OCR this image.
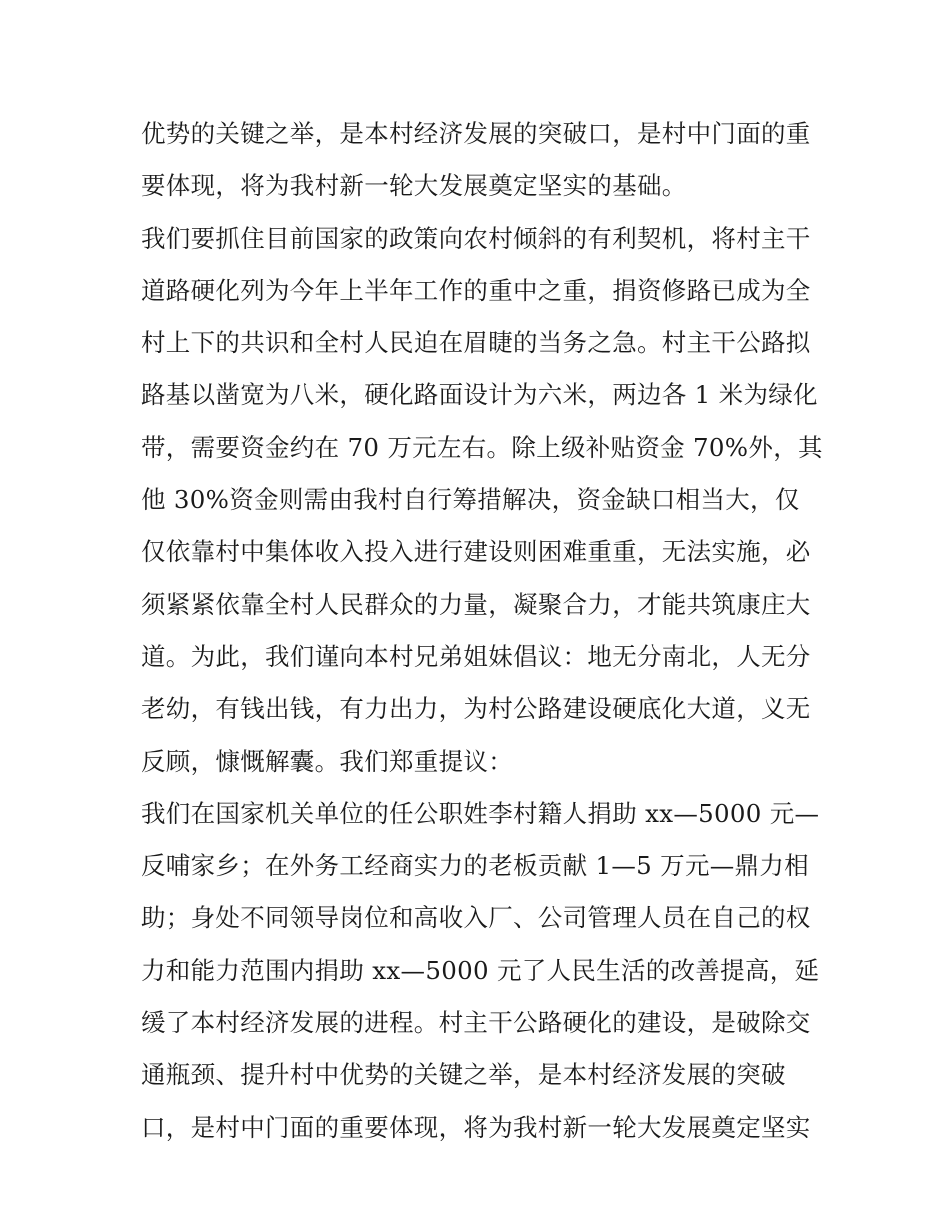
优势的关键之举，是本村经济发展的突破口，是村中门面的重
要体现，将为我村新一轮大发展奠定坚实的基础。
我们要抓住目前国家的政策向农村倾斜的有利契机，将村主干
道路硬化列为今年上半年工作的重中之重，捐资修路已成为全
村上下的共识和全村人民迫在眉睫的当务之急。村主干公路拟
路基以凿宽为八米，硬化路面设计为六米，两边各 1 米为绿化
带，需要资金约在 70 万元左右。除上级补贴资金 70%外，其
他 30%资金则需由我村自行筹措解决，资金缺口相当大，仅
仅依靠村中集体收入投入进行建设则困难重重，无法实施，必
须紧紧依靠全村人民群众的力量，凝聚合力，才能共筑康庄大
道。为此，我们谨向本村兄弟姐妹倡议：地无分南北，人无分
老幼，有钱出钱，有力出力，为村公路建设硬底化大道，义无
反顾，慷慨解囊。我们郑重提议：
我们在国家机关单位的任公职姓李村籍人捐助 xx—5000 元—
反哺家乡；在外务工经商实力的老板贡献 1—5 万元—鼎力相
助；身处不同领导岗位和高收入厂、公司管理人员在自己的权
力和能力范围内捐助 xx—5000 元了人民生活的改善提高，延
缓了本村经济发展的进程。村主干公路硬化的建设，是破除交
通瓶颈、提升村中优势的关键之举，是本村经济发展的突破
口，是村中门面的重要体现，将为我村新一轮大发展奠定坚实
